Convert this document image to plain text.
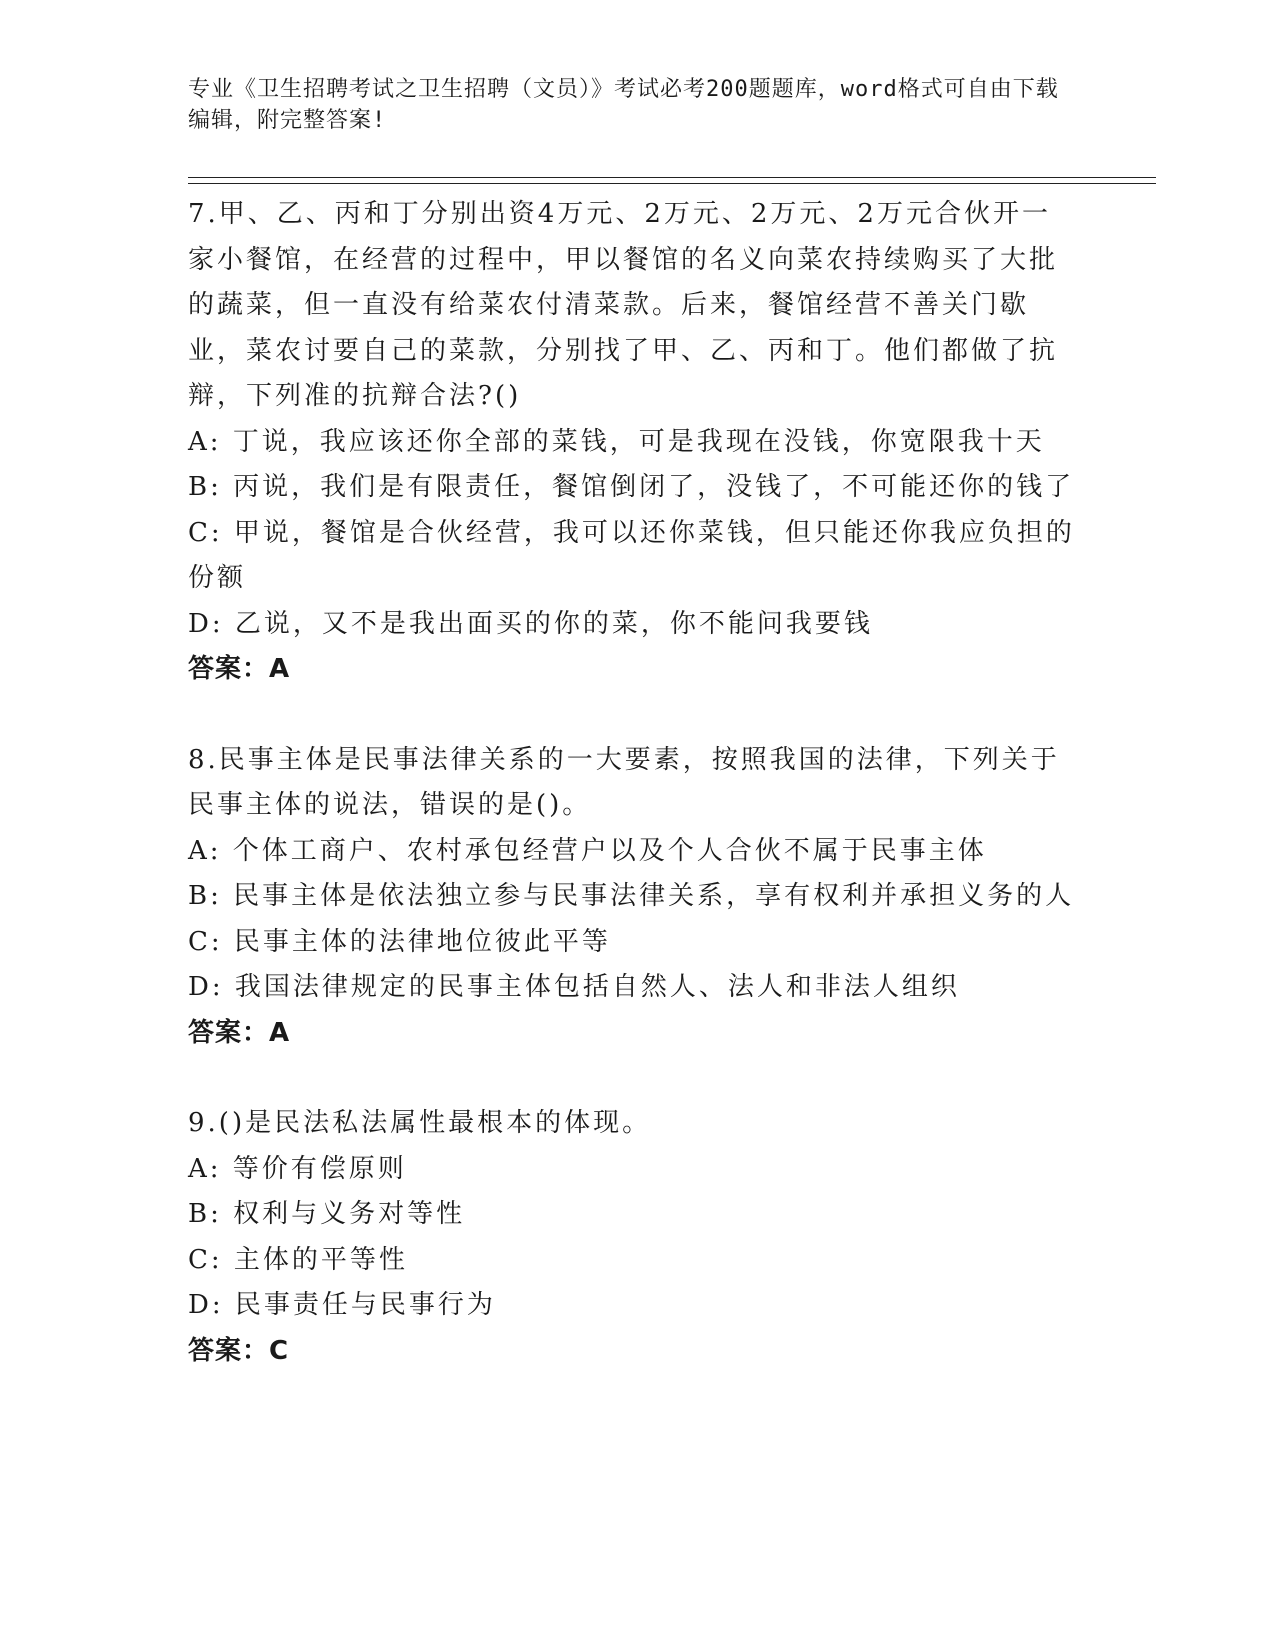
专业《卫生招聘考试之卫生招聘（文员）》考试必考200题题库，word格式可自由下载编辑，附完整答案!

7.甲、乙、丙和丁分别出资4万元、2万元、2万元、2万元合伙开一家小餐馆，在经营的过程中，甲以餐馆的名义向菜农持续购买了大批的蔬菜，但一直没有给菜农付清菜款。后来，餐馆经营不善关门歇业，菜农讨要自己的菜款，分别找了甲、乙、丙和丁。他们都做了抗辩，下列准的抗辩合法?()

A: 丁说，我应该还你全部的菜钱，可是我现在没钱，你宽限我十天

B: 丙说，我们是有限责任，餐馆倒闭了，没钱了，不可能还你的钱了

C: 甲说，餐馆是合伙经营，我可以还你菜钱，但只能还你我应负担的份额

D: 乙说，又不是我出面买的你的菜，你不能问我要钱

答案：A

8.民事主体是民事法律关系的一大要素，按照我国的法律，下列关于民事主体的说法，错误的是()。

A: 个体工商户、农村承包经营户以及个人合伙不属于民事主体

B: 民事主体是依法独立参与民事法律关系，享有权利并承担义务的人

C: 民事主体的法律地位彼此平等

D: 我国法律规定的民事主体包括自然人、法人和非法人组织

答案：A

9.()是民法私法属性最根本的体现。

A: 等价有偿原则

B: 权利与义务对等性

C: 主体的平等性

D: 民事责任与民事行为

答案：C
